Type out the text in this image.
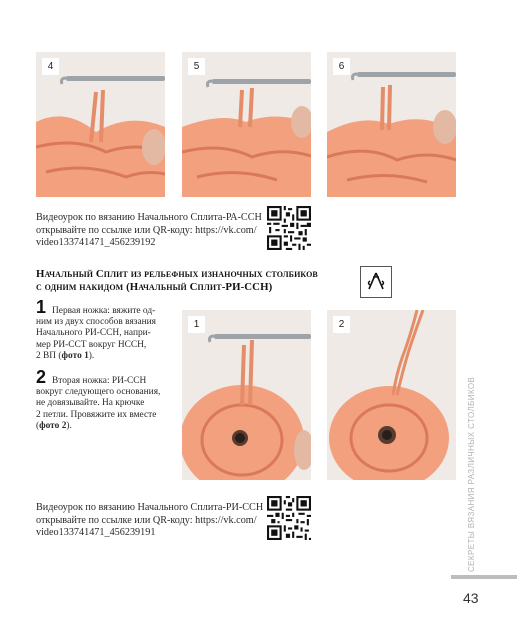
4	5	6
Видеоурок по вязанию Начального Сплита-РА-ССН
открывайте по ссылке или QR-коду: https://vk.com/
video133741471_456239192
Начальный Сплит из рельефных изнаночных столбиков
с одним накидом (Начальный Сплит-РИ-ССН)
1 Первая ножка: вяжите од-
ним из двух способов вязания
Начального РИ-ССН, напри-
мер РИ-ССТ вокруг НССН,
2 ВП (фото 1).
2 Вторая ножка: РИ-ССН
вокруг следующего основания,
не довязывайте. На крючке
2 петли. Провяжите их вместе
(фото 2).
1	2
Видеоурок по вязанию Начального Сплита-РИ-ССН
открывайте по ссылке или QR-коду: https://vk.com/
video133741471_456239191	СЕКРЕТЫ ВЯЗАНИЯ РАЗЛИЧНЫХ СТОЛБИКОВ
43
